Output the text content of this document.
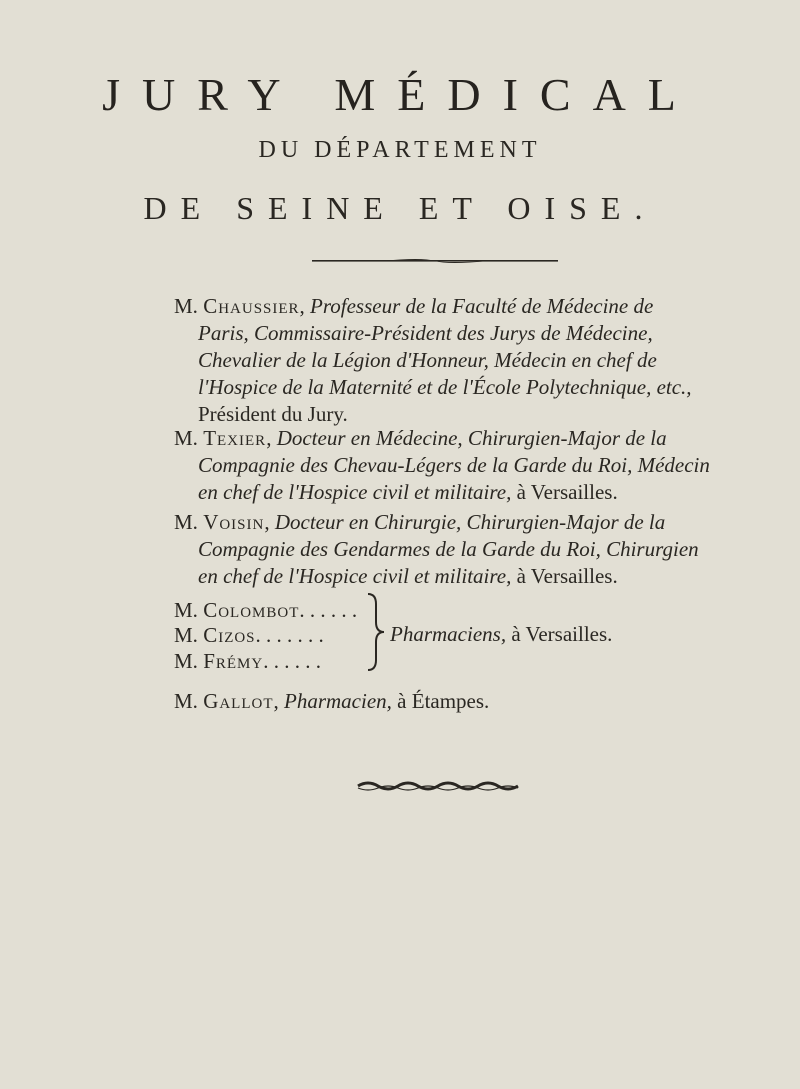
JURY MÉDICAL
DU DÉPARTEMENT
DE SEINE ET OISE.
M. Chaussier, Professeur de la Faculté de Médecine de
Paris, Commissaire-Président des Jurys de Médecine,
Chevalier de la Légion d'Honneur, Médecin en chef de
l'Hospice de la Maternité et de l'École Polytechnique, etc.,
Président du Jury.
M. Texier, Docteur en Médecine, Chirurgien-Major de la
Compagnie des Chevau-Légers de la Garde du Roi, Médecin
en chef de l'Hospice civil et militaire, à Versailles.
M. Voisin, Docteur en Chirurgie, Chirurgien-Major de la
Compagnie des Gendarmes de la Garde du Roi, Chirurgien
en chef de l'Hospice civil et militaire, à Versailles.
M. Colombot. . . . . .
M. Cizos. . . . . . .
M. Frémy. . . . . .
Pharmaciens, à Versailles.
M. Gallot, Pharmacien, à Étampes.
